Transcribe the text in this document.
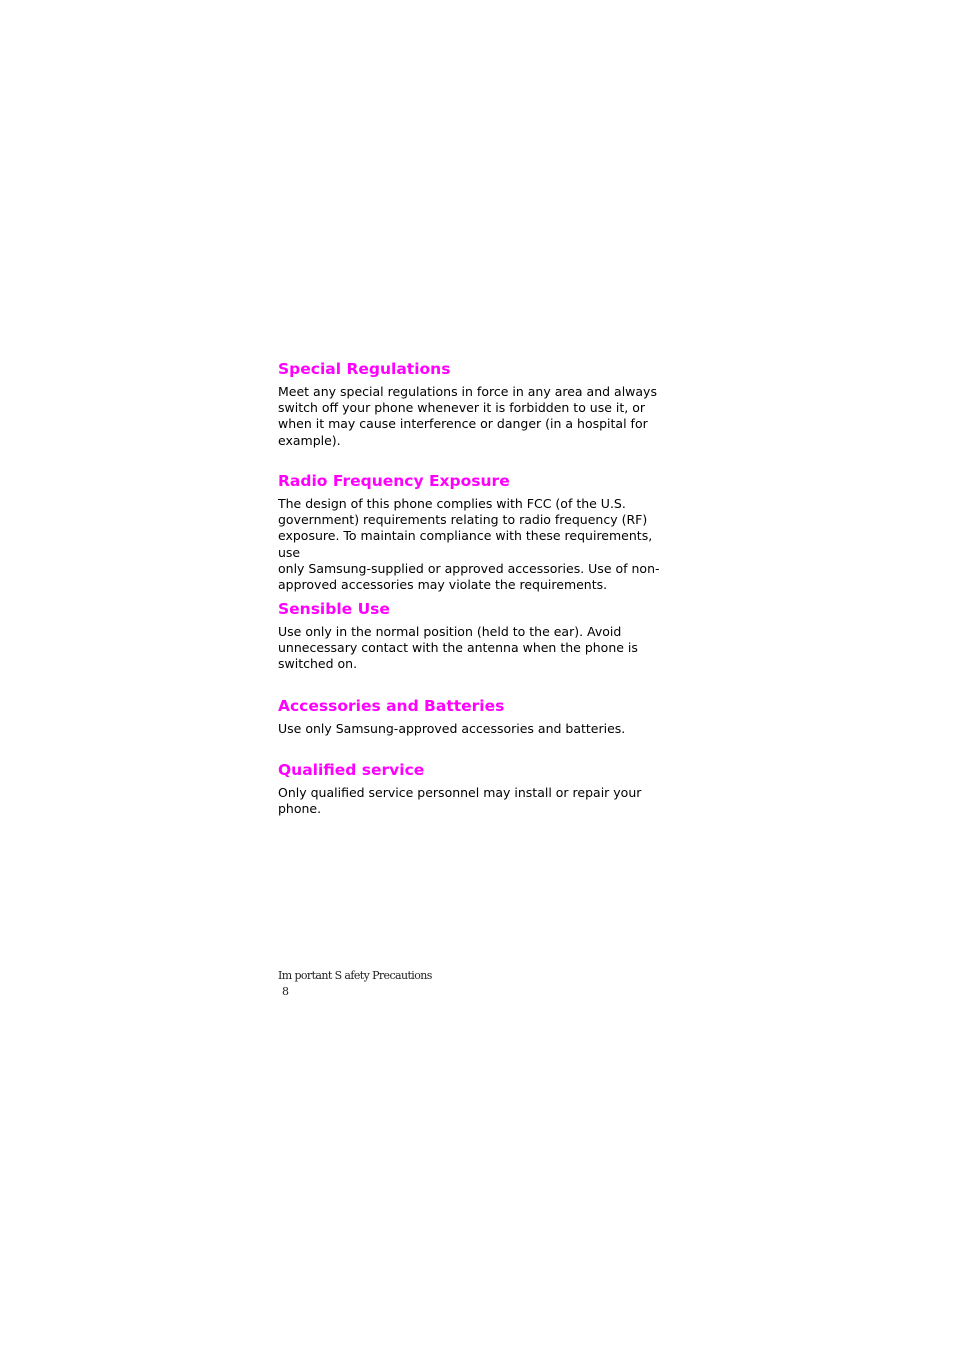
Special Regulations

Meet any special regulations in force in any area and always
switch off your phone whenever it is forbidden to use it, or
when it may cause interference or danger (in a hospital for
example).

Radio Frequency Exposure

The design of this phone complies with FCC (of the U.S.
government) requirements relating to radio frequency (RF)
exposure. To maintain compliance with these requirements, use
only Samsung-supplied or approved accessories. Use of non-
approved accessories may violate the requirements.

Sensible Use

Use only in the normal position (held to the ear). Avoid
unnecessary contact with the antenna when the phone is
switched on.

Accessories and Batteries

Use only Samsung-approved accessories and batteries.

Qualified service

Only qualified service personnel may install or repair your
phone.

Im portant S afety Precautions
8
